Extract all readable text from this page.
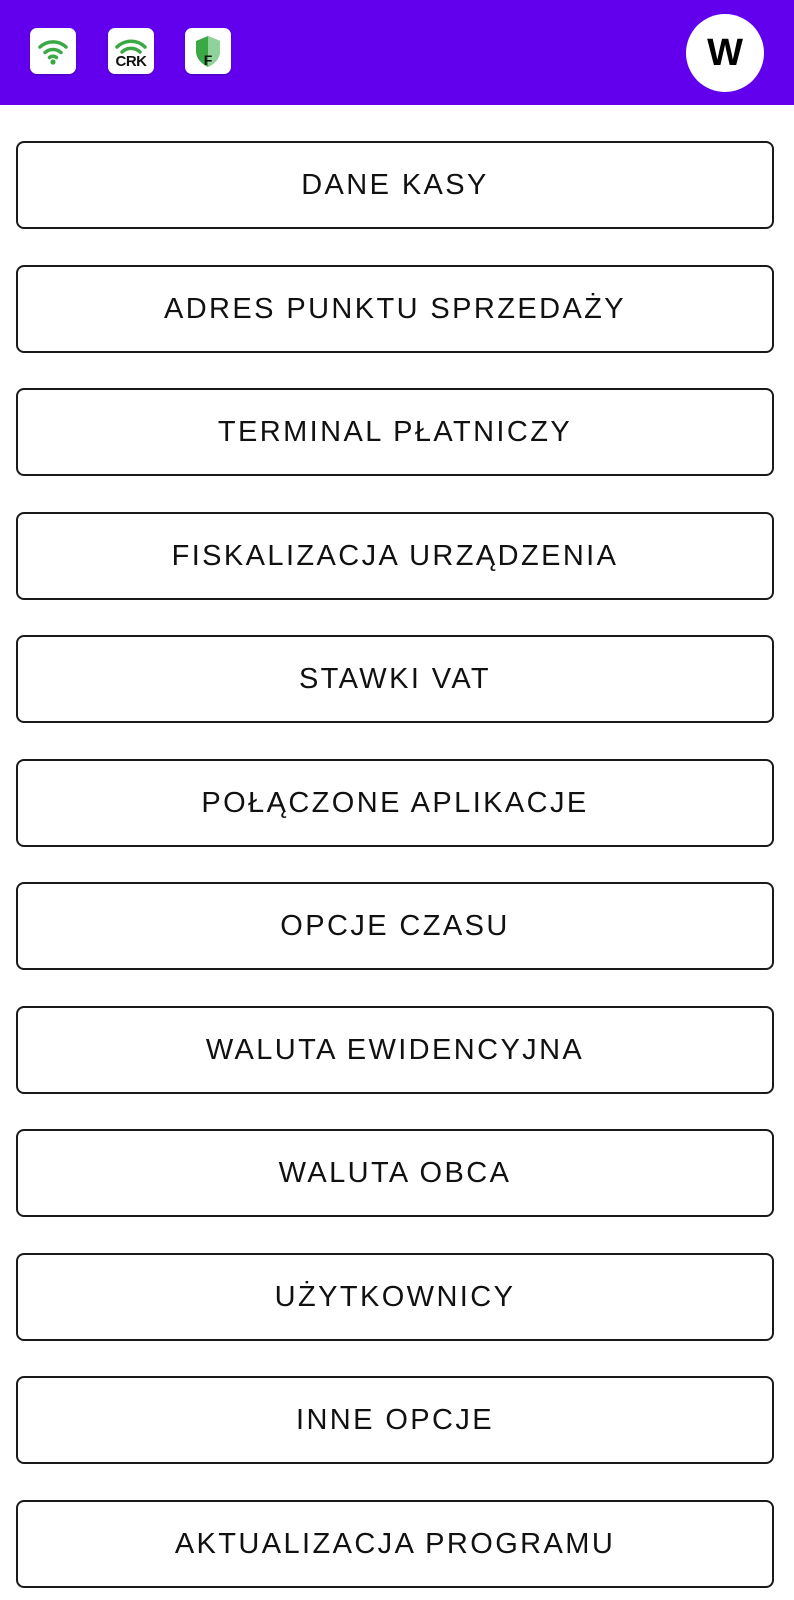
CRK	F	W
DANE KASY
ADRES PUNKTU SPRZEDAŻY
TERMINAL PŁATNICZY
FISKALIZACJA URZĄDZENIA
STAWKI VAT
POŁĄCZONE APLIKACJE
OPCJE CZASU
WALUTA EWIDENCYJNA
WALUTA OBCA
UŻYTKOWNICY
INNE OPCJE
AKTUALIZACJA PROGRAMU
